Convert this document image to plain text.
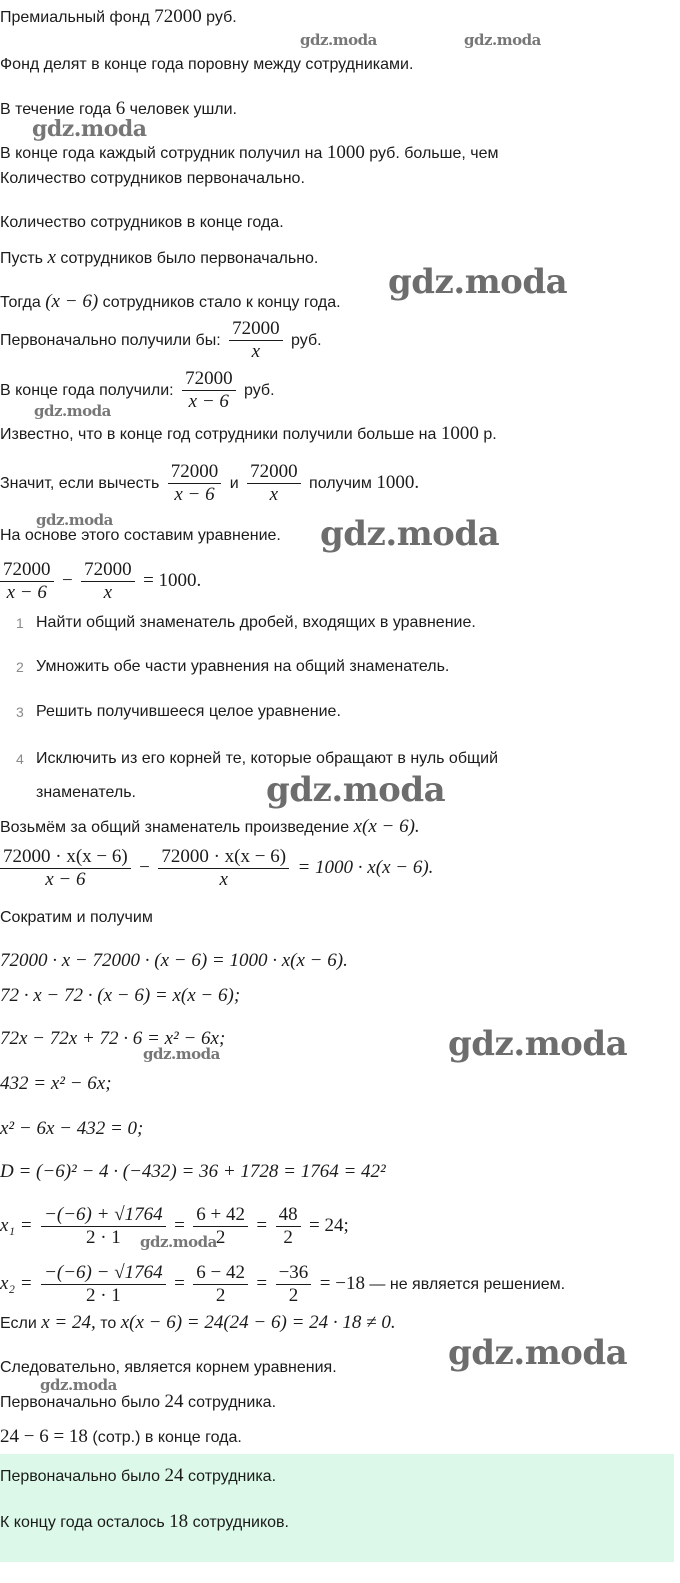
Премиальный фонд 72000 руб.
Фонд делят в конце года поровну между сотрудниками.
В течение года 6 человек ушли.
В конце года каждый сотрудник получил на 1000 руб. больше, чем
Количество сотрудников первоначально.
Количество сотрудников в конце года.
Пусть x сотрудников было первоначально.
Тогда (x − 6) сотрудников стало к концу года.
Первоначально получили бы: $\frac{72000}{x}$ руб.
В конце года получили: $\frac{72000}{x - 6}$ руб.
Известно, что в конце год сотрудники получили больше на 1000 р.
Значит, если вычесть $\frac{72000}{x - 6}$ и $\frac{72000}{x}$ получим 1000.
На основе этого составим уравнение.
$\frac{72000}{x - 6} - \frac{72000}{x} = 1000$.
1 Найти общий знаменатель дробей, входящих в уравнение.
2 Умножить обе части уравнения на общий знаменатель.
3 Решить получившееся целое уравнение.
4 Исключить из его корней те, которые обращают в нуль общий знаменатель.
Возьмём за общий знаменатель произведение x(x − 6).
$\frac{72000 \cdot x(x - 6)}{x - 6} - \frac{72000 \cdot x(x - 6)}{x} = 1000 \cdot x(x - 6)$.
Сократим и получим
72000 · x − 72000 · (x − 6) = 1000 · x(x − 6).
72 · x − 72 · (x − 6) = x(x − 6);
72x − 72x + 72 · 6 = x² − 6x;
432 = x² − 6x;
x² − 6x − 432 = 0;
D = (−6)² − 4 · (−432) = 36 + 1728 = 1764 = 42²
$x_1 = \frac{-(-6) + √1764}{2 \cdot 1} = \frac{6 + 42}{2} = \frac{48}{2} = 24$;
$x_2 = \frac{-(-6) - √1764}{2 \cdot 1} = \frac{6 - 42}{2} = \frac{-36}{2} = -18$ — не является решением.
Если x = 24, то x(x − 6) = 24(24 − 6) = 24 · 18 ≠ 0.
Следовательно, является корнем уравнения.
Первоначально было 24 сотрудника.
24 − 6 = 18 (сотр.) в конце года.
Первоначально было 24 сотрудника.
К концу года осталось 18 сотрудников.
gdz.moda	gdz.moda
gdz.moda
gdz.moda
gdz.moda
gdz.moda	gdz.moda
gdz.moda
gdz.moda
gdz.moda
gdz.moda
gdz.moda
gdz.moda
